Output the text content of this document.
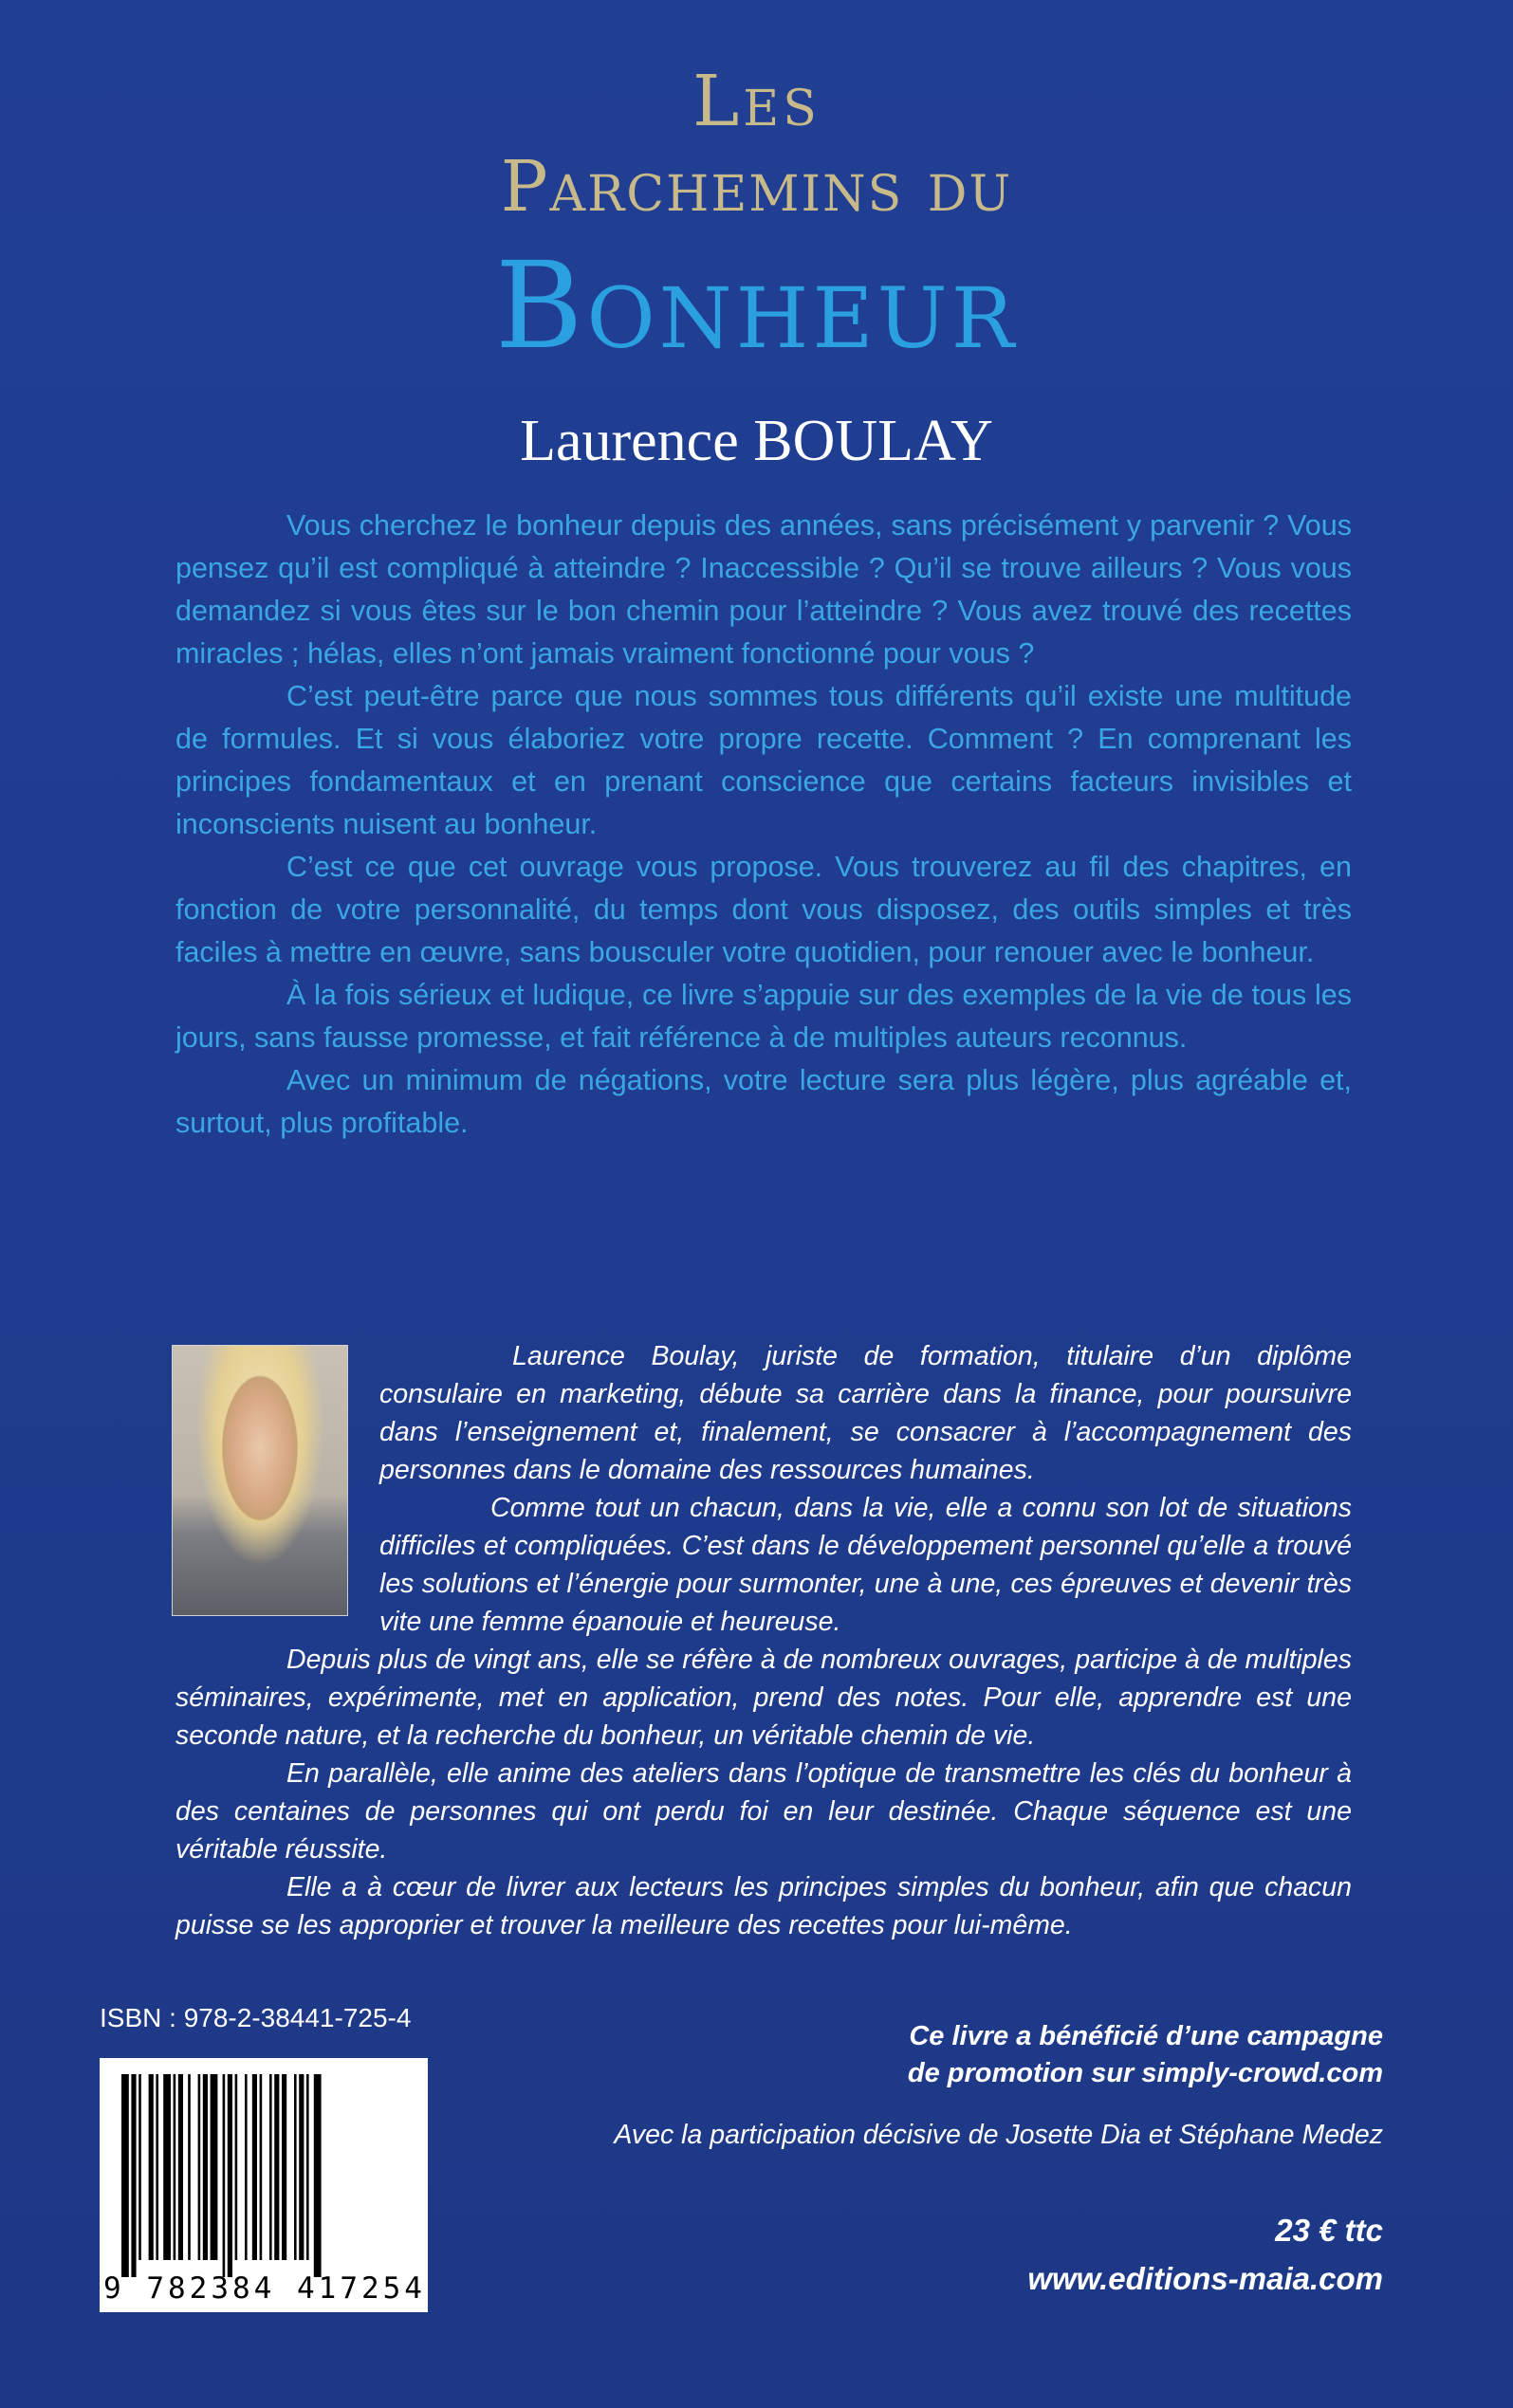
Les
Parchemins du
Bonheur
Laurence BOULAY

Vous cherchez le bonheur depuis des années, sans précisément y parvenir ? Vous pensez qu’il est compliqué à atteindre ? Inaccessible ? Qu’il se trouve ailleurs ? Vous vous demandez si vous êtes sur le bon chemin pour l’atteindre ? Vous avez trouvé des recettes miracles ; hélas, elles n’ont jamais vraiment fonctionné pour vous ?

C’est peut-être parce que nous sommes tous différents qu’il existe une multitude de formules. Et si vous élaboriez votre propre recette. Comment ? En comprenant les principes fondamentaux et en prenant conscience que certains facteurs invisibles et inconscients nuisent au bonheur.

C’est ce que cet ouvrage vous propose. Vous trouverez au fil des chapitres, en fonction de votre personnalité, du temps dont vous disposez, des outils simples et très faciles à mettre en œuvre, sans bousculer votre quotidien, pour renouer avec le bonheur.

À la fois sérieux et ludique, ce livre s’appuie sur des exemples de la vie de tous les jours, sans fausse promesse, et fait référence à de multiples auteurs reconnus.

Avec un minimum de négations, votre lecture sera plus légère, plus agréable et, surtout, plus profitable.

Laurence Boulay, juriste de formation, titulaire d’un diplôme consulaire en marketing, débute sa carrière dans la finance, pour poursuivre dans l’enseignement et, finalement, se consacrer à l’accompagnement des personnes dans le domaine des ressources humaines.

Comme tout un chacun, dans la vie, elle a connu son lot de situations difficiles et compliquées. C’est dans le développement personnel qu’elle a trouvé les solutions et l’énergie pour surmonter, une à une, ces épreuves et devenir très vite une femme épanouie et heureuse.

Depuis plus de vingt ans, elle se réfère à de nombreux ouvrages, participe à de multiples séminaires, expérimente, met en application, prend des notes. Pour elle, apprendre est une seconde nature, et la recherche du bonheur, un véritable chemin de vie.

En parallèle, elle anime des ateliers dans l’optique de transmettre les clés du bonheur à des centaines de personnes qui ont perdu foi en leur destinée. Chaque séquence est une véritable réussite.

Elle a à cœur de livrer aux lecteurs les principes simples du bonheur, afin que chacun puisse se les approprier et trouver la meilleure des recettes pour lui-même.

ISBN : 978-2-38441-725-4
9 782384 417254
Ce livre a bénéficié d’une campagne
de promotion sur simply-crowd.com
Avec la participation décisive de Josette Dia et Stéphane Medez
23 € ttc
www.editions-maia.com
